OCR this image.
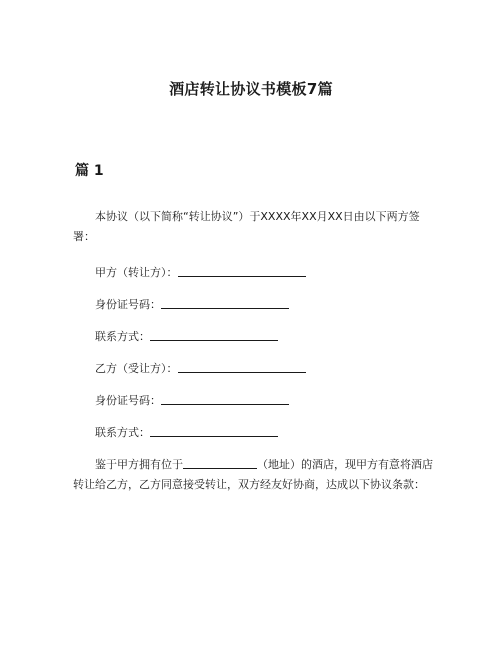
酒店转让协议书模板7篇
篇 1

本协议（以下简称“转让协议”）于XXXX年XX月XX日由以下两方签署：

甲方（转让方）：
身份证号码：
联系方式：
乙方（受让方）：
身份证号码：
联系方式：

鉴于甲方拥有位于	（地址）的酒店，现甲方有意将酒店转让给乙方，乙方同意接受转让，双方经友好协商，达成以下协议条款：
